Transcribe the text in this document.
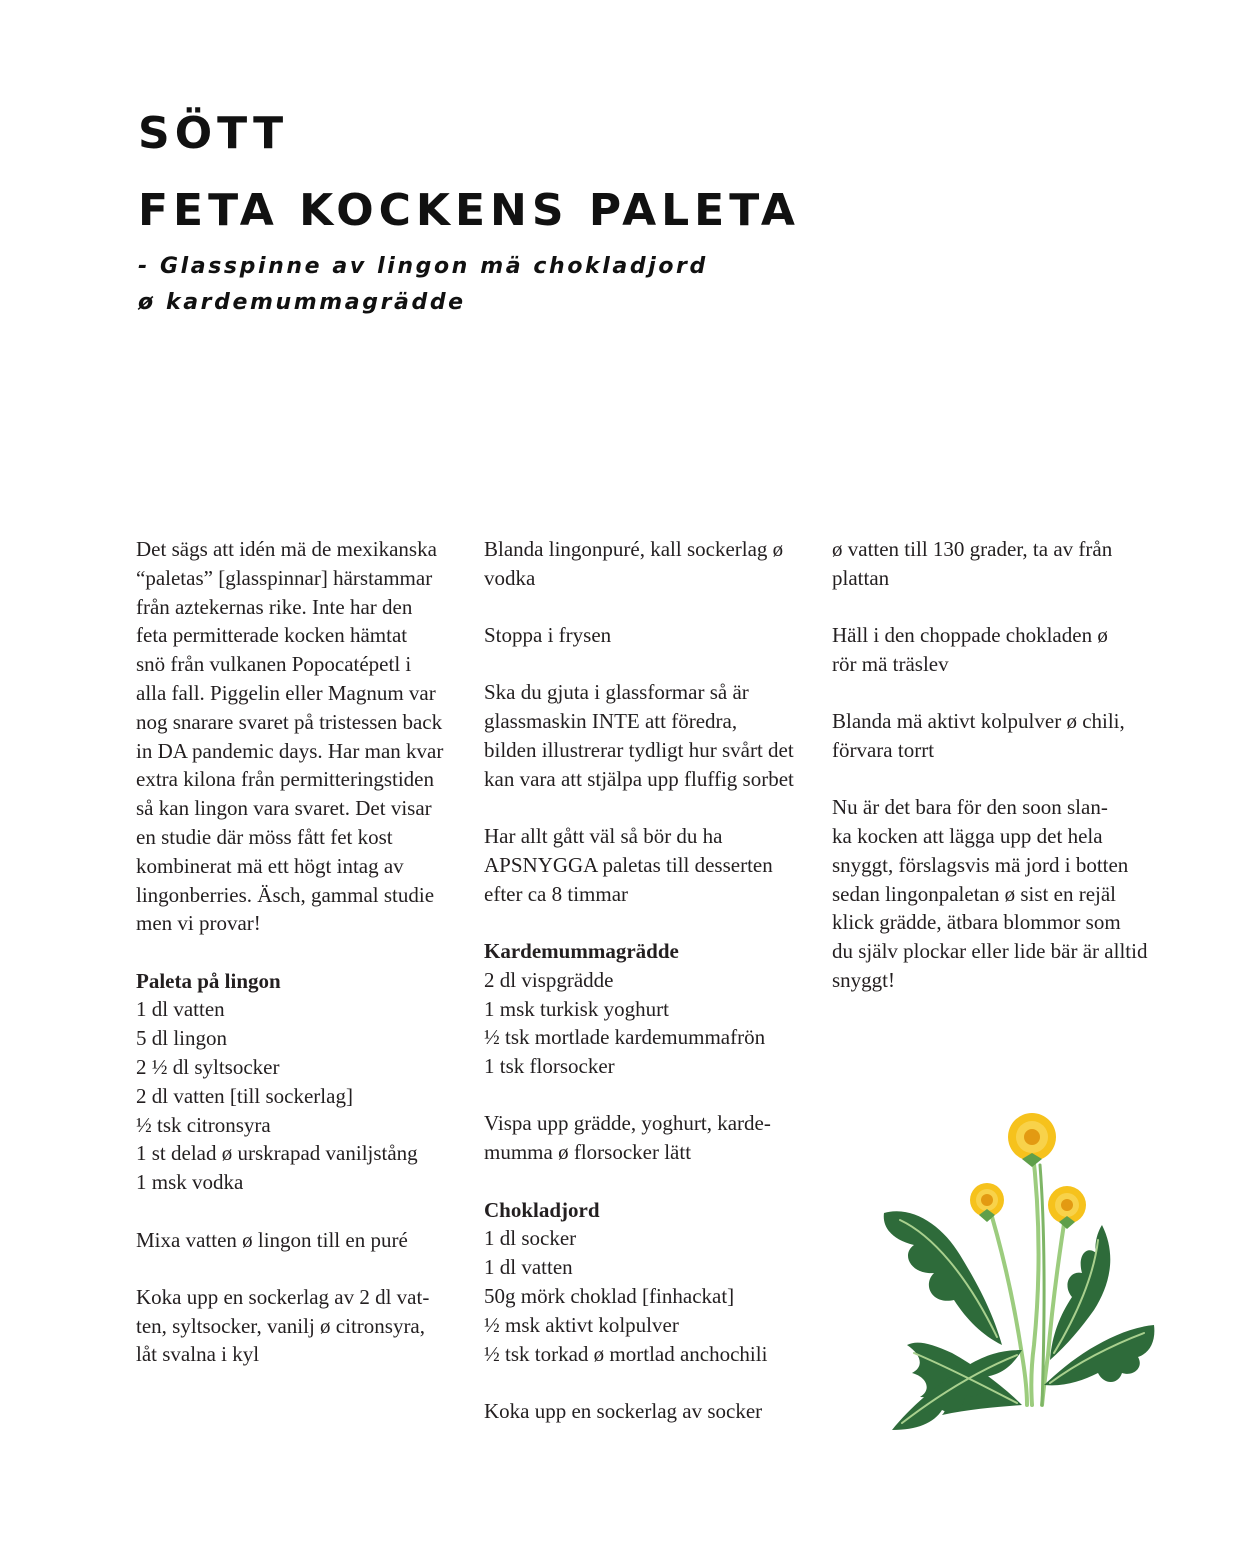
SÖTT
FETA KOCKENS PALETA
- Glasspinne av lingon mä chokladjord
ø kardemummagrädde
Det sägs att idén mä de mexikanska
“paletas” [glasspinnar] härstammar
från aztekernas rike. Inte har den
feta permitterade kocken hämtat
snö från vulkanen Popocatépetl i
alla fall. Piggelin eller Magnum var
nog snarare svaret på tristessen back
in DA pandemic days. Har man kvar
extra kilona från permitteringstiden
så kan lingon vara svaret. Det visar
en studie där möss fått fet kost
kombinerat mä ett högt intag av
lingonberries. Äsch, gammal studie
men vi provar!
Paleta på lingon
1 dl vatten
5 dl lingon
2 ½ dl syltsocker
2 dl vatten [till sockerlag]
½ tsk citronsyra
1 st delad ø urskrapad vaniljstång
1 msk vodka
Mixa vatten ø lingon till en puré
Koka upp en sockerlag av 2 dl vat-
ten, syltsocker, vanilj ø citronsyra,
låt svalna i kyl
Blanda lingonpuré, kall sockerlag ø
vodka
Stoppa i frysen
Ska du gjuta i glassformar så är
glassmaskin INTE att föredra,
bilden illustrerar tydligt hur svårt det
kan vara att stjälpa upp fluffig sorbet
Har allt gått väl så bör du ha
APSNYGGA paletas till desserten
efter ca 8 timmar
Kardemummagrädde
2 dl vispgrädde
1 msk turkisk yoghurt
½ tsk mortlade kardemummafrön
1 tsk florsocker
Vispa upp grädde, yoghurt, karde-
mumma ø florsocker lätt
Chokladjord
1 dl socker
1 dl vatten
50g mörk choklad [finhackat]
½ msk aktivt kolpulver
½ tsk torkad ø mortlad anchochili
Koka upp en sockerlag av socker
ø vatten till 130 grader, ta av från
plattan
Häll i den choppade chokladen ø
rör mä träslev
Blanda mä aktivt kolpulver ø chili,
förvara torrt
Nu är det bara för den soon slan-
ka kocken att lägga upp det hela
snyggt, förslagsvis mä jord i botten
sedan lingonpaletan ø sist en rejäl
klick grädde, ätbara blommor som
du själv plockar eller lide bär är alltid
snyggt!
